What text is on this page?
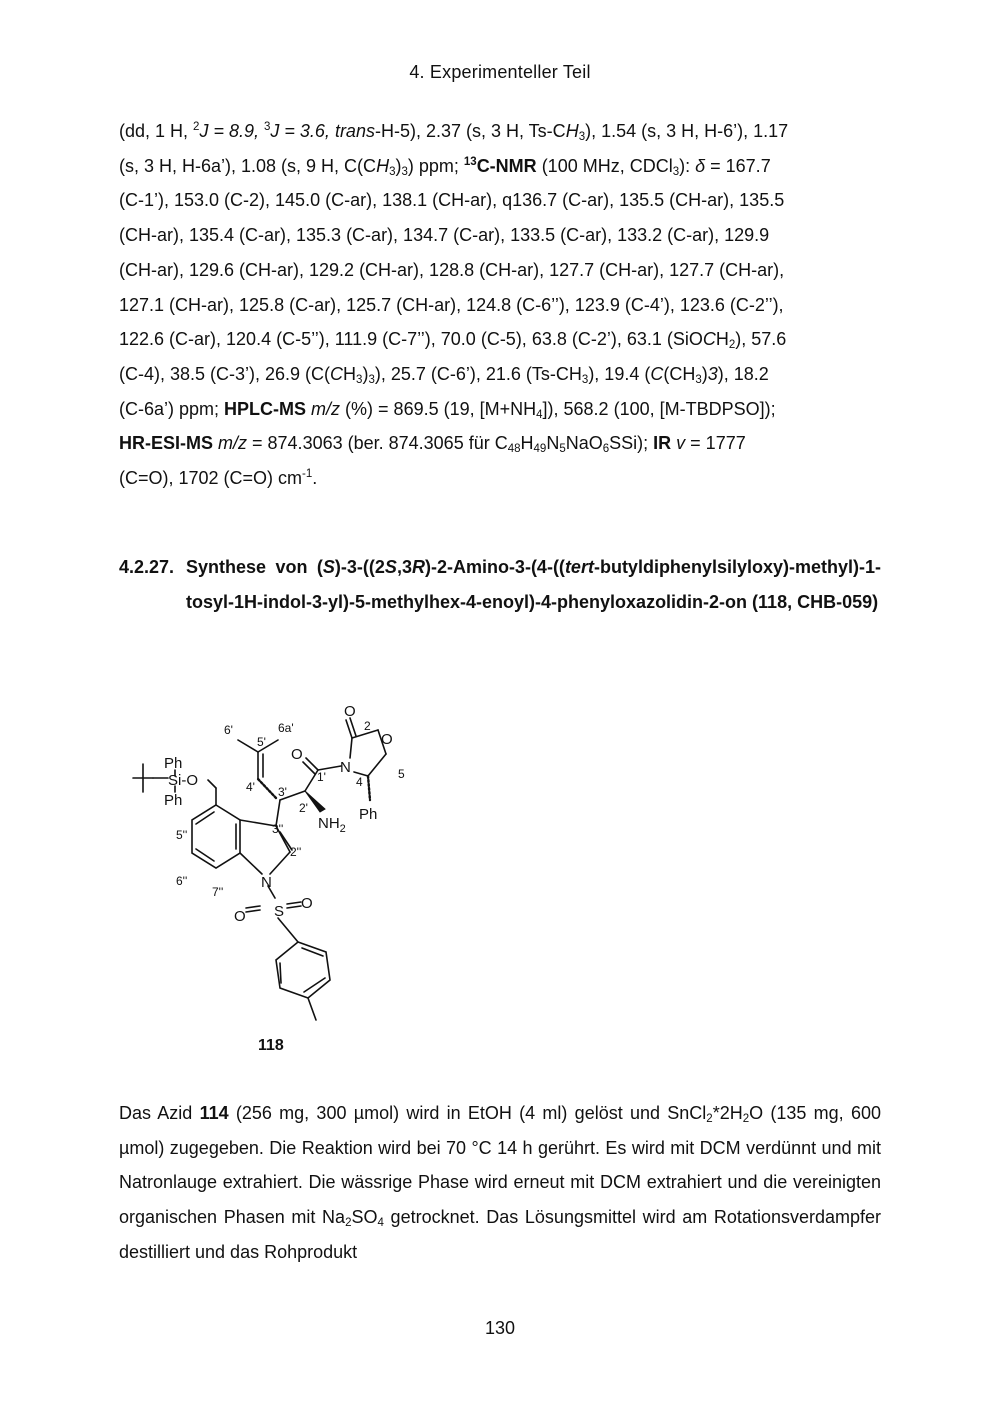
4. Experimenteller Teil
(dd, 1 H, $^2$J = 8.9, $^3$J = 3.6, trans-H-5), 2.37 (s, 3 H, $Ts-CH_3$), 1.54 (s, 3 H, H-6’), 1.17
(s, 3 H, H-6a’), 1.08 (s, 9 H, $C(CH_3)_3$) ppm; $^{13}$C-NMR (100 MHz, CDCl$_3$): δ = 167.7
(C-1’), 153.0 (C-2), 145.0 (C-ar), 138.1 (CH-ar), q136.7 (C-ar), 135.5 (CH-ar), 135.5
(CH-ar), 135.4 (C-ar), 135.3 (C-ar), 134.7 (C-ar), 133.5 (C-ar), 133.2 (C-ar), 129.9
(CH-ar), 129.6 (CH-ar), 129.2 (CH-ar), 128.8 (CH-ar), 127.7 (CH-ar), 127.7 (CH-ar),
127.1 (CH-ar), 125.8 (C-ar), 125.7 (CH-ar), 124.8 (C-6’’), 123.9 (C-4’), 123.6 (C-2’’),
122.6 (C-ar), 120.4 (C-5’’), 111.9 (C-7’’), 70.0 (C-5), 63.8 (C-2’), 63.1 (SiOCH$_2$), 57.6
(C-4), 38.5 (C-3’), 26.9 $(C(CH_3)_3)$, 25.7 (C-6’), 21.6 $(Ts-CH_3)$, 19.4 $(C(CH_3)3)$, 18.2
(C-6a’) ppm; HPLC-MS m/z (%) = 869.5 (19, $[M+NH_4]$), 568.2 (100, [M-TBDPSO]);
HR-ESI-MS m/z = 874.3063 (ber. 874.3065 für $C_{48}H_{49}N_5NaO_6SSi$); IR v = 1777
(C=O), 1702 (C=O) $cm^{-1}$.
4.2.27. Synthese von (S)-3-((2S,3R)-2-Amino-3-(4-((tert-butyldiphenylsilyloxy)-methyl)-1-tosyl-1H-indol-3-yl)-5-methylhex-4-enoyl)-4-phenyloxazolidin-2-on (118, CHB-059)
O
O
O
N
Ph
$NH_2$
Ph
Ph
Si-O
N
S
O
O
2
5
4
1'
2'
3'
4'
5'
6'	6a'
2''
3''
5''
6''
7''
118
Das Azid 114 (256 mg, 300 µmol) wird in EtOH (4 ml) gelöst und $SnCl_2*2H_2O$ (135 mg, 600 µmol) zugegeben. Die Reaktion wird bei 70 °C 14 h gerührt. Es wird mit DCM verdünnt und mit Natronlauge extrahiert. Die wässrige Phase wird erneut mit DCM extrahiert und die vereinigten organischen Phasen mit $Na_2SO_4$ getrocknet. Das Lösungsmittel wird am Rotationsverdampfer destilliert und das Rohprodukt
130
